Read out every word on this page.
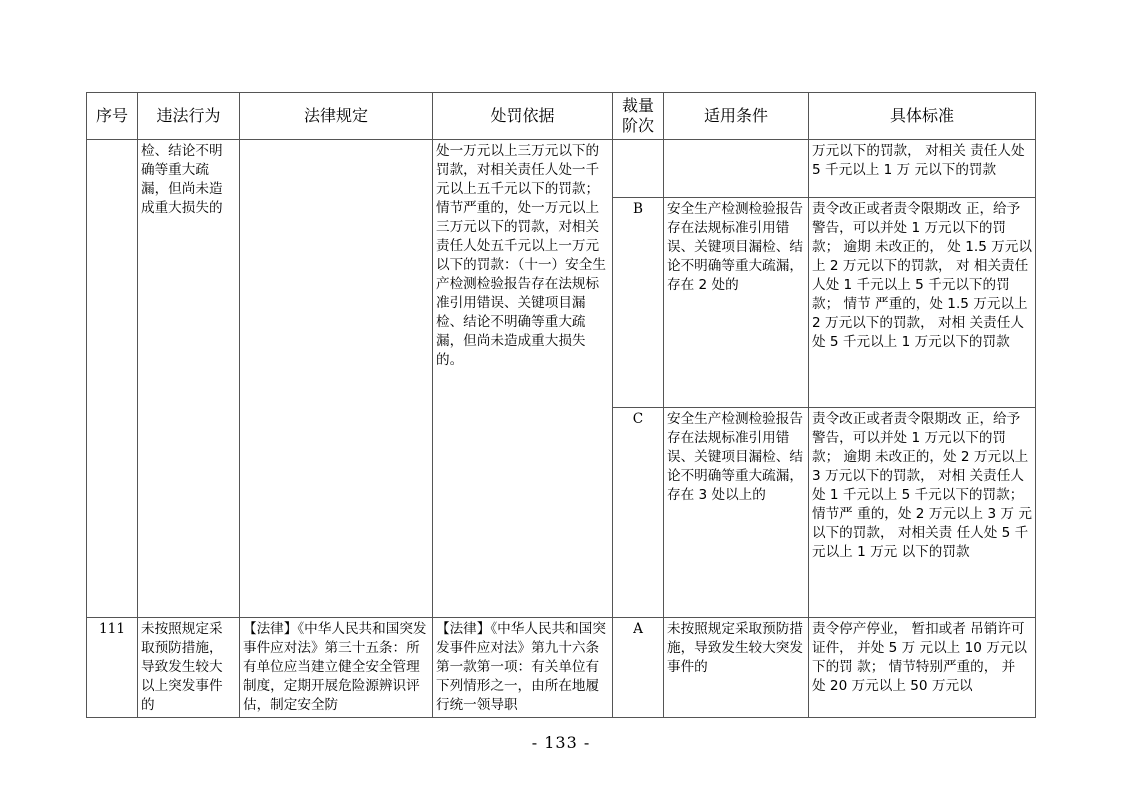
序号	违法行为	法律规定	处罚依据	裁量阶次	适用条件	具体标准
	检、结论不明确等重大疏漏，但尚未造成重大损失的		处一万元以上三万元以下的罚款，对相关责任人处一千元以上五千元以下的罚款；情节严重的，处一万元以上三万元以下的罚款，对相关责任人处五千元以上一万元以下的罚款：（十一）安全生产检测检验报告存在法规标准引用错误、关键项目漏检、结论不明确等重大疏漏，但尚未造成重大损失的。			万元以下的罚款， 对相关 责任人处 5 千元以上 1 万 元以下的罚款
				B	安全生产检测检验报告存在法规标准引用错误、关键项目漏检、结论不明确等重大疏漏， 存在 2 处的	责令改正或者责令限期改 正，给予警告，可以并处 1 万元以下的罚款； 逾期 未改正的， 处 1.5 万元以 上 2 万元以下的罚款， 对 相关责任人处 1 千元以上 5 千元以下的罚款； 情节 严重的，处 1.5 万元以上 2 万元以下的罚款， 对相 关责任人处 5 千元以上 1 万元以下的罚款
				C	安全生产检测检验报告存在法规标准引用错误、关键项目漏检、结论不明确等重大疏漏， 存在 3 处以上的	责令改正或者责令限期改 正，给予警告，可以并处 1 万元以下的罚款； 逾期 未改正的，处 2 万元以上 3 万元以下的罚款， 对相 关责任人处 1 千元以上 5 千元以下的罚款； 情节严 重的，处 2 万元以上 3 万 元以下的罚款， 对相关责 任人处 5 千元以上 1 万元 以下的罚款
111	未按照规定采取预防措施，导致发生较大以上突发事件的	【法律】《中华人民共和国突发事件应对法》第三十五条：所有单位应当建立健全安全管理制度，定期开展危险源辨识评估，制定安全防	【法律】《中华人民共和国突发事件应对法》第九十六条第一款第一项：有关单位有下列情形之一，由所在地履行统一领导职	A	未按照规定采取预防措施，导致发生较大突发事件的	责令停产停业， 暂扣或者 吊销许可证件， 并处 5 万 元以上 10 万元以下的罚 款； 情节特别严重的， 并 处 20 万元以上 50 万元以
- 133 -
